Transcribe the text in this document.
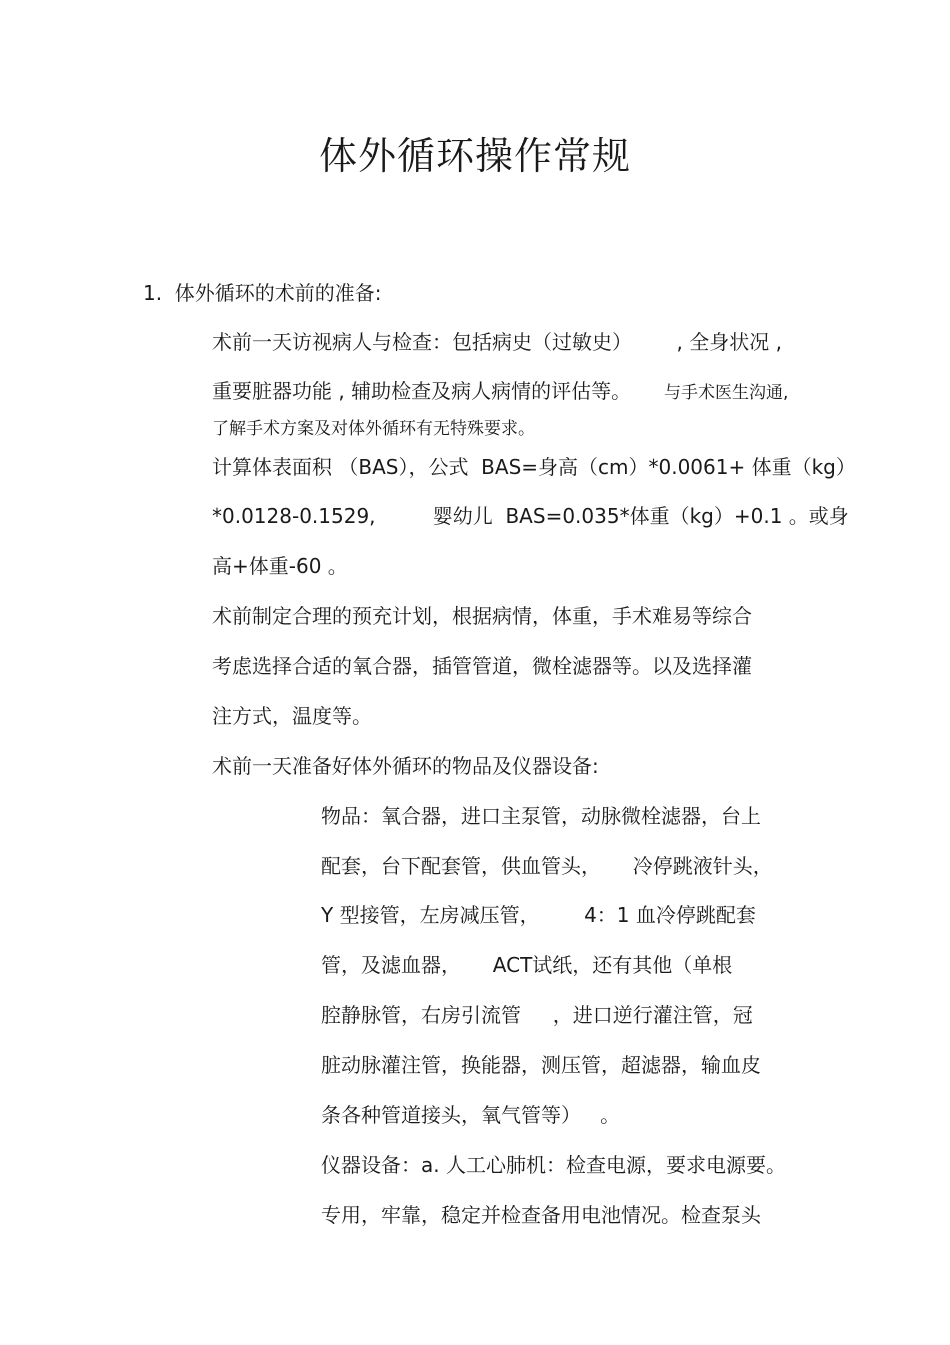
体外循环操作常规
1.  体外循环的术前的准备:
术前一天访视病人与检查：包括病史（过敏史）       , 全身状况 ,
重要脏器功能 , 辅助检查及病人病情的评估等。 与手术医生沟通,
了解手术方案及对体外循环有无特殊要求。
计算体表面积 （BAS），公式  BAS=身高（cm）*0.0061+ 体重（kg）
*0.0128-0.1529,         婴幼儿  BAS=0.035*体重（kg）+0.1 。或身
高+体重-60 。
术前制定合理的预充计划，根据病情，体重，手术难易等综合
考虑选择合适的氧合器，插管管道，微栓滤器等。以及选择灌
注方式，温度等。
术前一天准备好体外循环的物品及仪器设备:
物品：氧合器，进口主泵管，动脉微栓滤器，台上
配套，台下配套管，供血管头，     冷停跳液针头，
Y 型接管，左房减压管，       4：1 血冷停跳配套
管，及滤血器，     ACT试纸，还有其他（单根
腔静脉管，右房引流管     ，进口逆行灌注管，冠
脏动脉灌注管，换能器，测压管，超滤器，输血皮
条各种管道接头，氧气管等）   。
仪器设备：a. 人工心肺机：检查电源，要求电源要。
专用，牢靠，稳定并检查备用电池情况。检查泵头
